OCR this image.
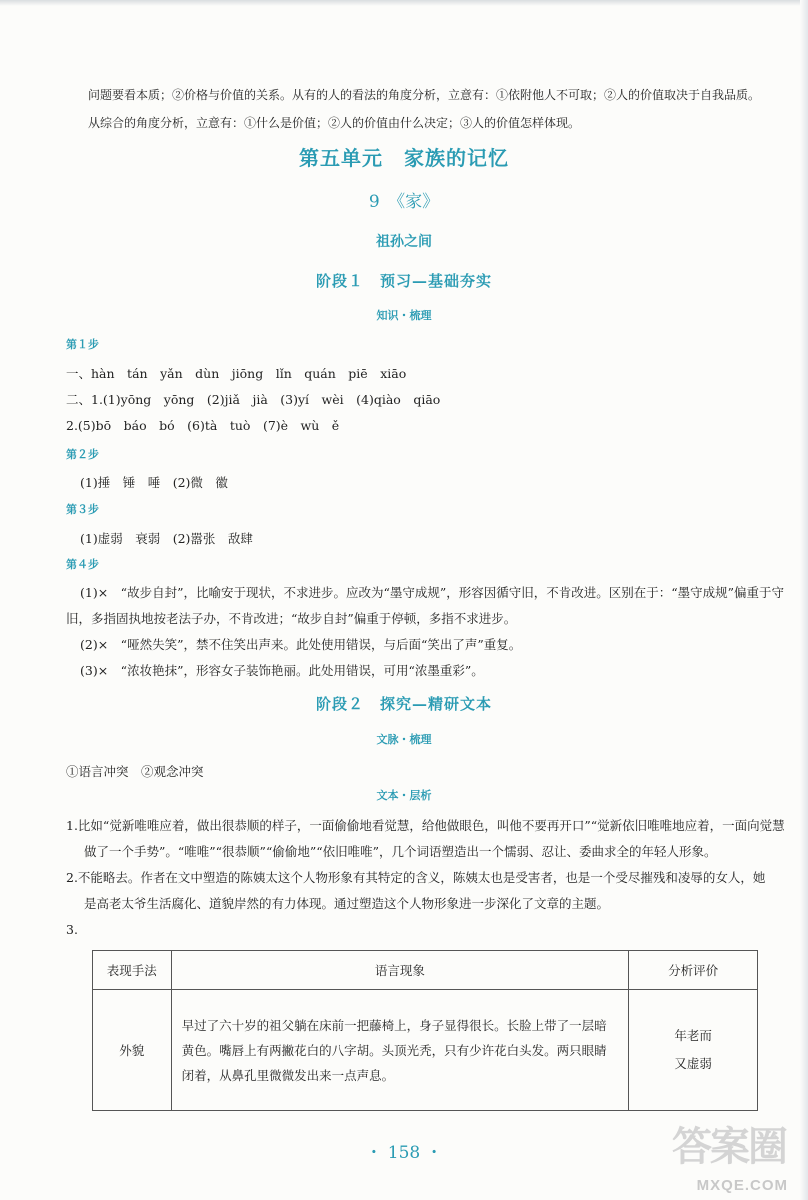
问题要看本质；②价格与价值的关系。从有的人的看法的角度分析，立意有：①依附他人不可取；②人的价值取决于自我品质。
从综合的角度分析，立意有：①什么是价值；②人的价值由什么决定；③人的价值怎样体现。
第五单元　家族的记忆
9　《家》
祖孙之间
阶段１　预习—基础夯实
知识・梳理
第１步
一、hàn　tán　yǎn　dùn　jiōng　lǐn　quán　piē　xiāo
二、1.(1)yōng　yōng　(2)jiǎ　jià　(3)yí　wèi　(4)qiào　qiāo
2.(5)bō　báo　bó　(6)tà　tuò　(7)è　wù　ě
第２步
(1)捶　锤　唾　(2)微　徽
第３步
(1)虚弱　衰弱　(2)嚣张　敌肆
第４步
(1)×　“故步自封”，比喻安于现状，不求进步。应改为“墨守成规”，形容因循守旧，不肯改进。区别在于：“墨守成规”偏重于守
旧，多指固执地按老法子办，不肯改进；“故步自封”偏重于停顿，多指不求进步。
(2)×　“哑然失笑”，禁不住笑出声来。此处使用错误，与后面“笑出了声”重复。
(3)×　“浓妆艳抹”，形容女子装饰艳丽。此处用错误，可用“浓墨重彩”。
阶段２　探究—精研文本
文脉・梳理
①语言冲突　②观念冲突
文本・层析
1.比如“觉新唯唯应着，做出很恭顺的样子，一面偷偷地看觉慧，给他做眼色，叫他不要再开口”“觉新依旧唯唯地应着，一面向觉慧
做了一个手势”。“唯唯”“很恭顺”“偷偷地”“依旧唯唯”，几个词语塑造出一个懦弱、忍让、委曲求全的年轻人形象。
2.不能略去。作者在文中塑造的陈姨太这个人物形象有其特定的含义，陈姨太也是受害者，也是一个受尽摧残和凌辱的女人，她
是高老太爷生活腐化、道貌岸然的有力体现。通过塑造这个人物形象进一步深化了文章的主题。
3.
表现手法	语言现象	分析评价
外貌	早过了六十岁的祖父躺在床前一把藤椅上，身子显得很长。长脸上带了一层暗黄色。嘴唇上有两撇花白的八字胡。头顶光秃，只有少许花白头发。两只眼睛闭着，从鼻孔里微微发出来一点声息。	年老而
又虚弱
・ 158 ・	答案圈
MXQE.COM
